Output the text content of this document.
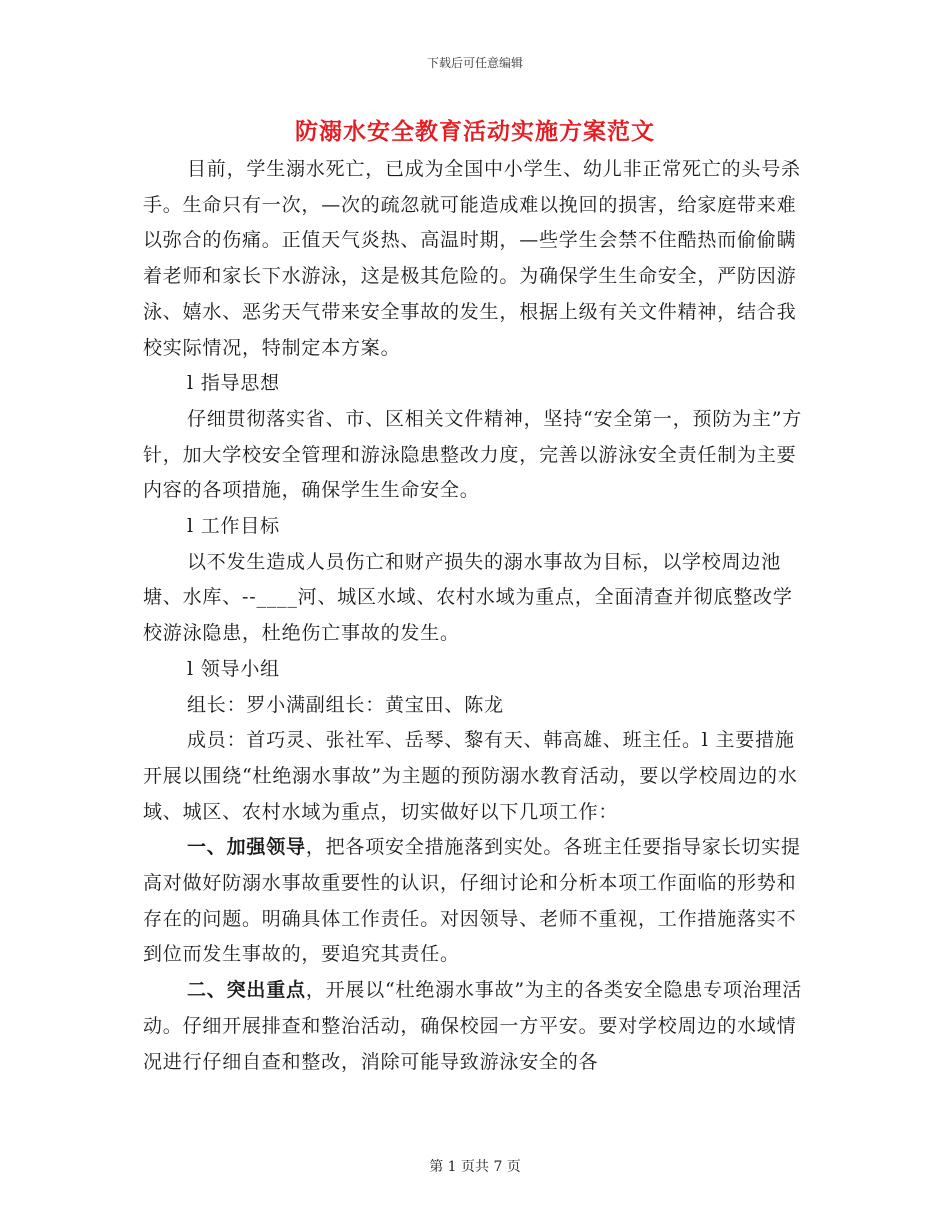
下载后可任意编辑
防溺水安全教育活动实施方案范文

目前，学生溺水死亡，已成为全国中小学生、幼儿非正常死亡的头号杀手。生命只有一次，—次的疏忽就可能造成难以挽回的损害，给家庭带来难以弥合的伤痛。正值天气炎热、高温时期，—些学生会禁不住酷热而偷偷瞒着老师和家长下水游泳，这是极其危险的。为确保学生生命安全，严防因游泳、嬉水、恶劣天气带来安全事故的发生，根据上级有关文件精神，结合我校实际情况，特制定本方案。

l 指导思想

仔细贯彻落实省、市、区相关文件精神，坚持“安全第一，预防为主”方针，加大学校安全管理和游泳隐患整改力度，完善以游泳安全责任制为主要内容的各项措施，确保学生生命安全。

l 工作目标

以不发生造成人员伤亡和财产损失的溺水事故为目标，以学校周边池塘、水库、--____河、城区水域、农村水域为重点，全面清查并彻底整改学校游泳隐患，杜绝伤亡事故的发生。

l 领导小组

组长：罗小满副组长：黄宝田、陈龙

成员：首巧灵、张社军、岳琴、黎有天、韩高雄、班主任。l 主要措施开展以围绕“杜绝溺水事故”为主题的预防溺水教育活动，要以学校周边的水域、城区、农村水域为重点，切实做好以下几项工作：

一、加强领导，把各项安全措施落到实处。各班主任要指导家长切实提高对做好防溺水事故重要性的认识，仔细讨论和分析本项工作面临的形势和存在的问题。明确具体工作责任。对因领导、老师不重视，工作措施落实不到位而发生事故的，要追究其责任。

二、突出重点，开展以“杜绝溺水事故”为主的各类安全隐患专项治理活动。仔细开展排查和整治活动，确保校园一方平安。要对学校周边的水域情况进行仔细自查和整改，消除可能导致游泳安全的各

第 1 页共 7 页
